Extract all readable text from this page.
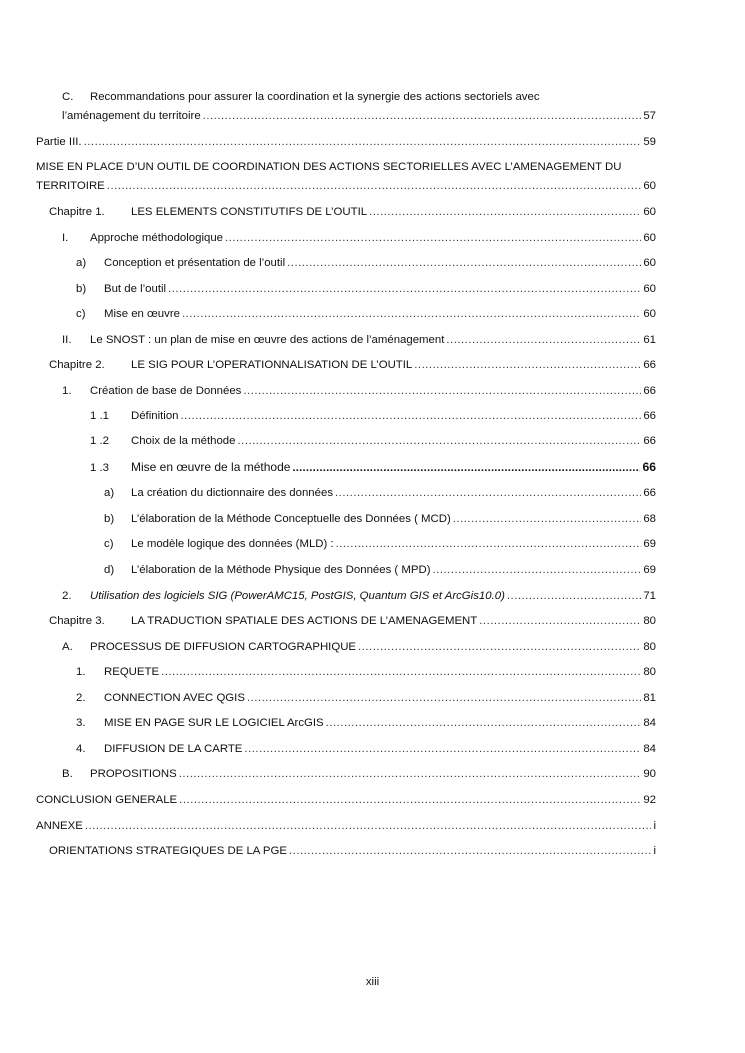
C. Recommandations pour assurer la coordination et la synergie des actions sectoriels avec
l’aménagement du territoire .....	57
Partie III. .....	59
MISE EN PLACE D’UN OUTIL DE COORDINATION DES ACTIONS SECTORIELLES AVEC L’AMENAGEMENT DU
TERRITOIRE .....	60
Chapitre 1.	LES ELEMENTS CONSTITUTIFS DE L’OUTIL .....	60
I.	Approche méthodologique .....	60
a)	Conception et présentation de l’outil .....	60
b)	But de l’outil .....	60
c)	Mise en œuvre .....	60
II.	Le SNOST : un plan de mise en œuvre des actions de l’aménagement .....	61
Chapitre 2.	LE SIG POUR L’OPERATIONNALISATION DE L’OUTIL .....	66
1.	Création de base de Données .....	66
1 .1	Définition .....	66
1 .2	Choix de la méthode .....	66
1 .3	Mise en œuvre de la méthode .....	66
a)	La création du dictionnaire des données .....	66
b)	L’élaboration de la Méthode Conceptuelle des Données ( MCD) .....	68
c)	Le modèle logique des données (MLD) : .....	69
d)	L’élaboration de la Méthode Physique des Données ( MPD) .....	69
2.	Utilisation des logiciels SIG (PowerAMC15, PostGIS, Quantum GIS et ArcGis10.0) .....	71
Chapitre 3.	LA TRADUCTION SPATIALE DES ACTIONS DE L’AMENAGEMENT .....	80
A.	PROCESSUS DE DIFFUSION CARTOGRAPHIQUE .....	80
1.	REQUETE .....	80
2.	CONNECTION AVEC QGIS .....	81
3.	MISE EN PAGE SUR LE LOGICIEL ArcGIS .....	84
4.	DIFFUSION DE LA CARTE .....	84
B.	PROPOSITIONS .....	90
CONCLUSION GENERALE .....	92
ANNEXE .....	i
ORIENTATIONS STRATEGIQUES DE LA PGE .....	i
xiii
